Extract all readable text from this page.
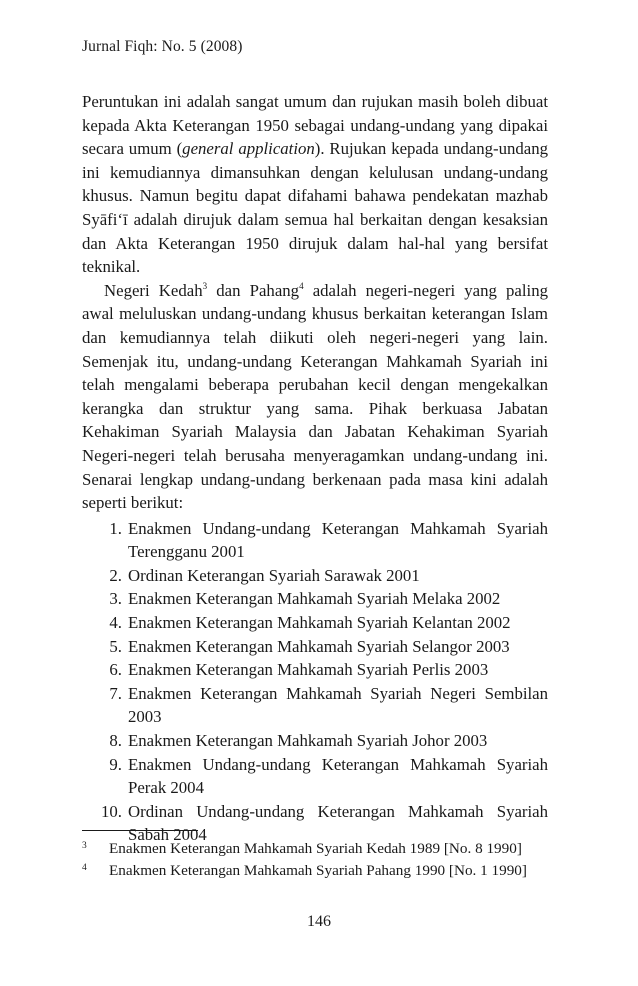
Jurnal Fiqh: No. 5 (2008)

Peruntukan ini adalah sangat umum dan rujukan masih boleh dibuat kepada Akta Keterangan 1950 sebagai undang-undang yang dipakai secara umum (general application). Rujukan kepada undang-undang ini kemudiannya dimansuhkan dengan kelulusan undang-undang khusus. Namun begitu dapat difahami bahawa pendekatan mazhab Syāfi‘ī adalah dirujuk dalam semua hal berkaitan dengan kesaksian dan Akta Keterangan 1950 dirujuk dalam hal-hal yang bersifat teknikal.

Negeri Kedah$^3$ dan Pahang$^4$ adalah negeri-negeri yang paling awal meluluskan undang-undang khusus berkaitan keterangan Islam dan kemudiannya telah diikuti oleh negeri-negeri yang lain. Semenjak itu, undang-undang Keterangan Mahkamah Syariah ini telah mengalami beberapa perubahan kecil dengan mengekalkan kerangka dan struktur yang sama. Pihak berkuasa Jabatan Kehakiman Syariah Malaysia dan Jabatan Kehakiman Syariah Negeri-negeri telah berusaha menyeragamkan undang-undang ini. Senarai lengkap undang-undang berkenaan pada masa kini adalah seperti berikut:

1. Enakmen Undang-undang Keterangan Mahkamah Syariah Terengganu 2001
2. Ordinan Keterangan Syariah Sarawak 2001
3. Enakmen Keterangan Mahkamah Syariah Melaka 2002
4. Enakmen Keterangan Mahkamah Syariah Kelantan 2002
5. Enakmen Keterangan Mahkamah Syariah Selangor 2003
6. Enakmen Keterangan Mahkamah Syariah Perlis 2003
7. Enakmen Keterangan Mahkamah Syariah Negeri Sembilan 2003
8. Enakmen Keterangan Mahkamah Syariah Johor 2003
9. Enakmen Undang-undang Keterangan Mahkamah Syariah Perak 2004
10. Ordinan Undang-undang Keterangan Mahkamah Syariah Sabah 2004
3 Enakmen Keterangan Mahkamah Syariah Kedah 1989 [No. 8 1990]
4 Enakmen Keterangan Mahkamah Syariah Pahang 1990 [No. 1 1990]
146
